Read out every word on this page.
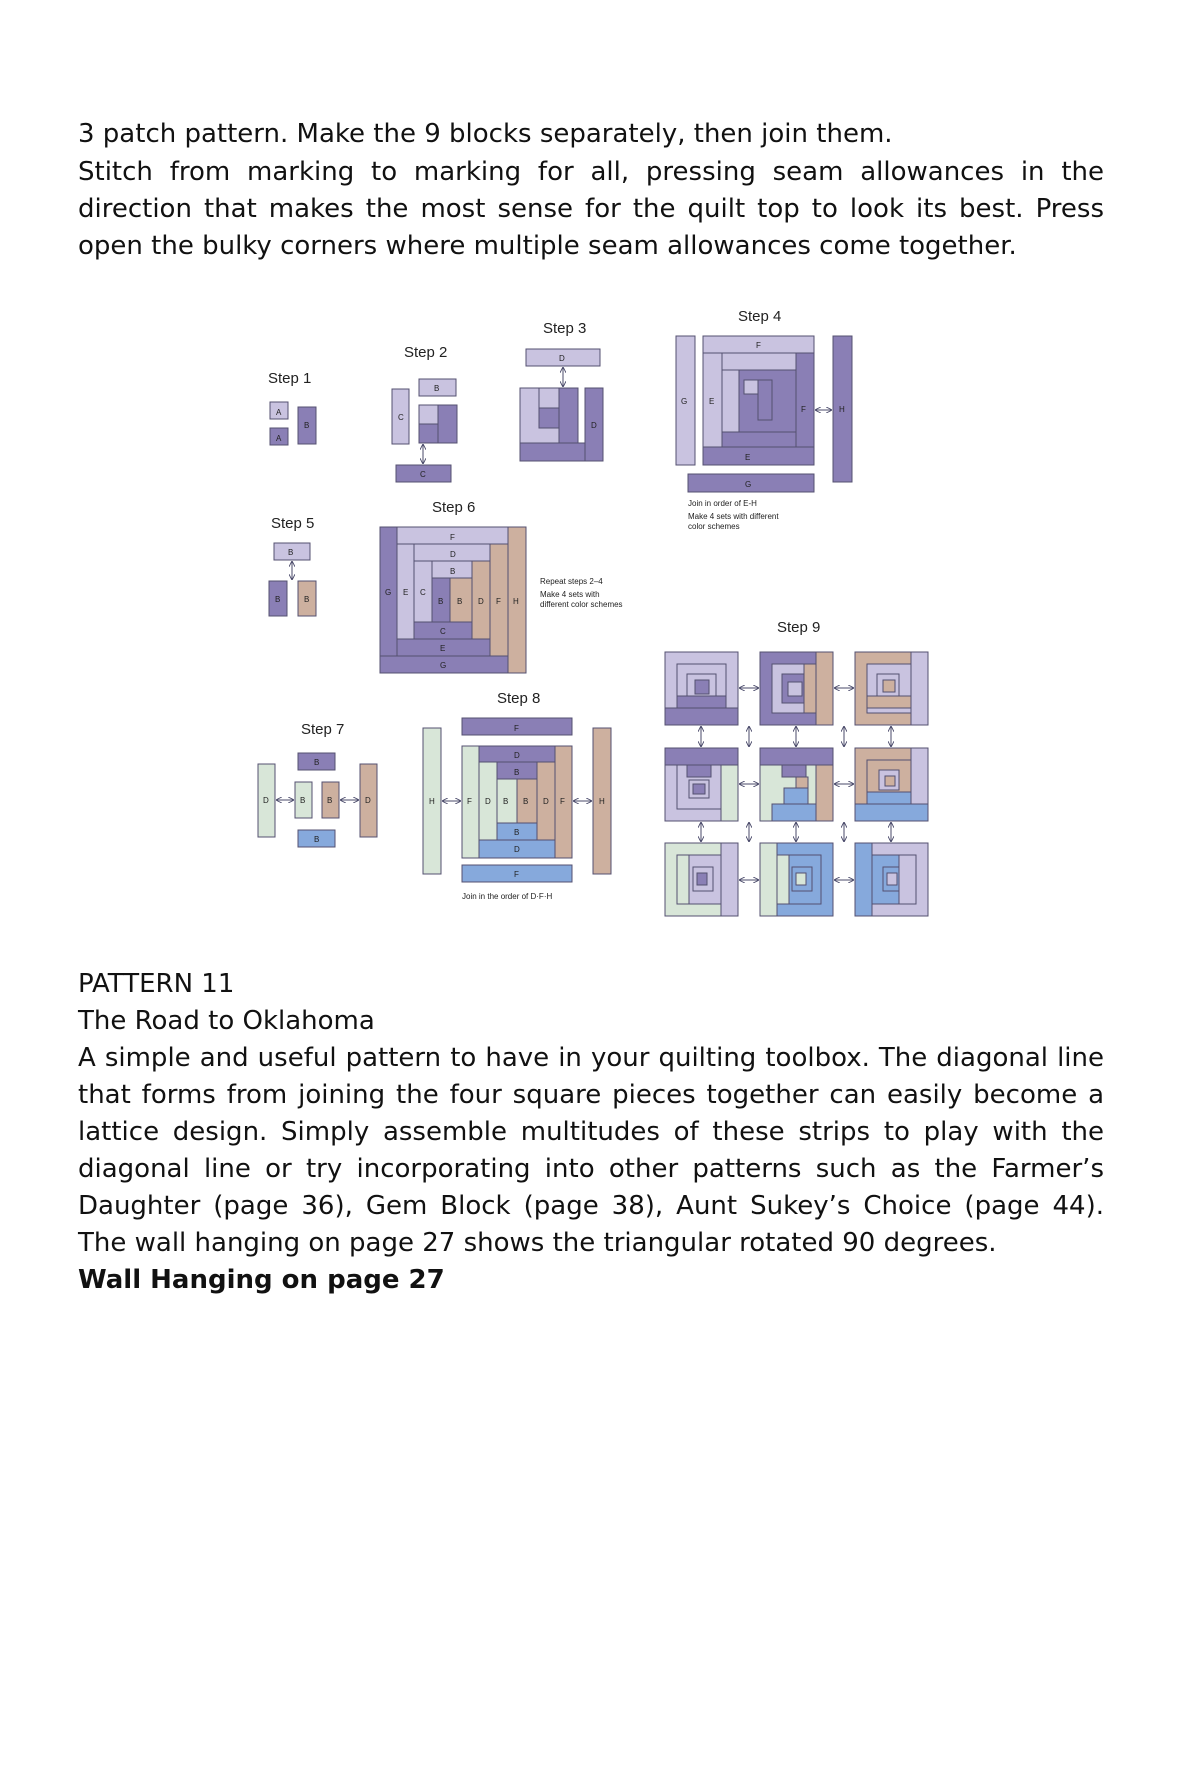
3 patch pattern. Make the 9 blocks separately, then join them.

Stitch from marking to marking for all, pressing seam allowances in the direction that makes the most sense for the quilt top to look its best. Press open the bulky corners where multiple seam allowances come together.

Step 1
A
A
B
Step 2
C
B
C
Step 3
D
D
Step 4
G	E
F
F	H
E
G
Join in order of E-H
Make 4 sets with different
color schemes
Step 5
B
B	B
Step 6
F
D
B
G E C
B B D F H
C
E
G
Repeat steps 2–4
Make 4 sets with
different color schemes
Step 7
B
D	B	B	D
B
Step 8
F
D
B
H	F D B B D F	H
B
D
F
Join in the order of D·F·H
Step 9

PATTERN 11

The Road to Oklahoma

A simple and useful pattern to have in your quilting toolbox. The diagonal line that forms from joining the four square pieces together can easily become a lattice design. Simply assemble multitudes of these strips to play with the diagonal line or try incorporating into other patterns such as the Farmer’s Daughter (page 36), Gem Block (page 38), Aunt Sukey’s Choice (page 44). The wall hanging on page 27 shows the triangular rotated 90 degrees.

Wall Hanging on page 27
